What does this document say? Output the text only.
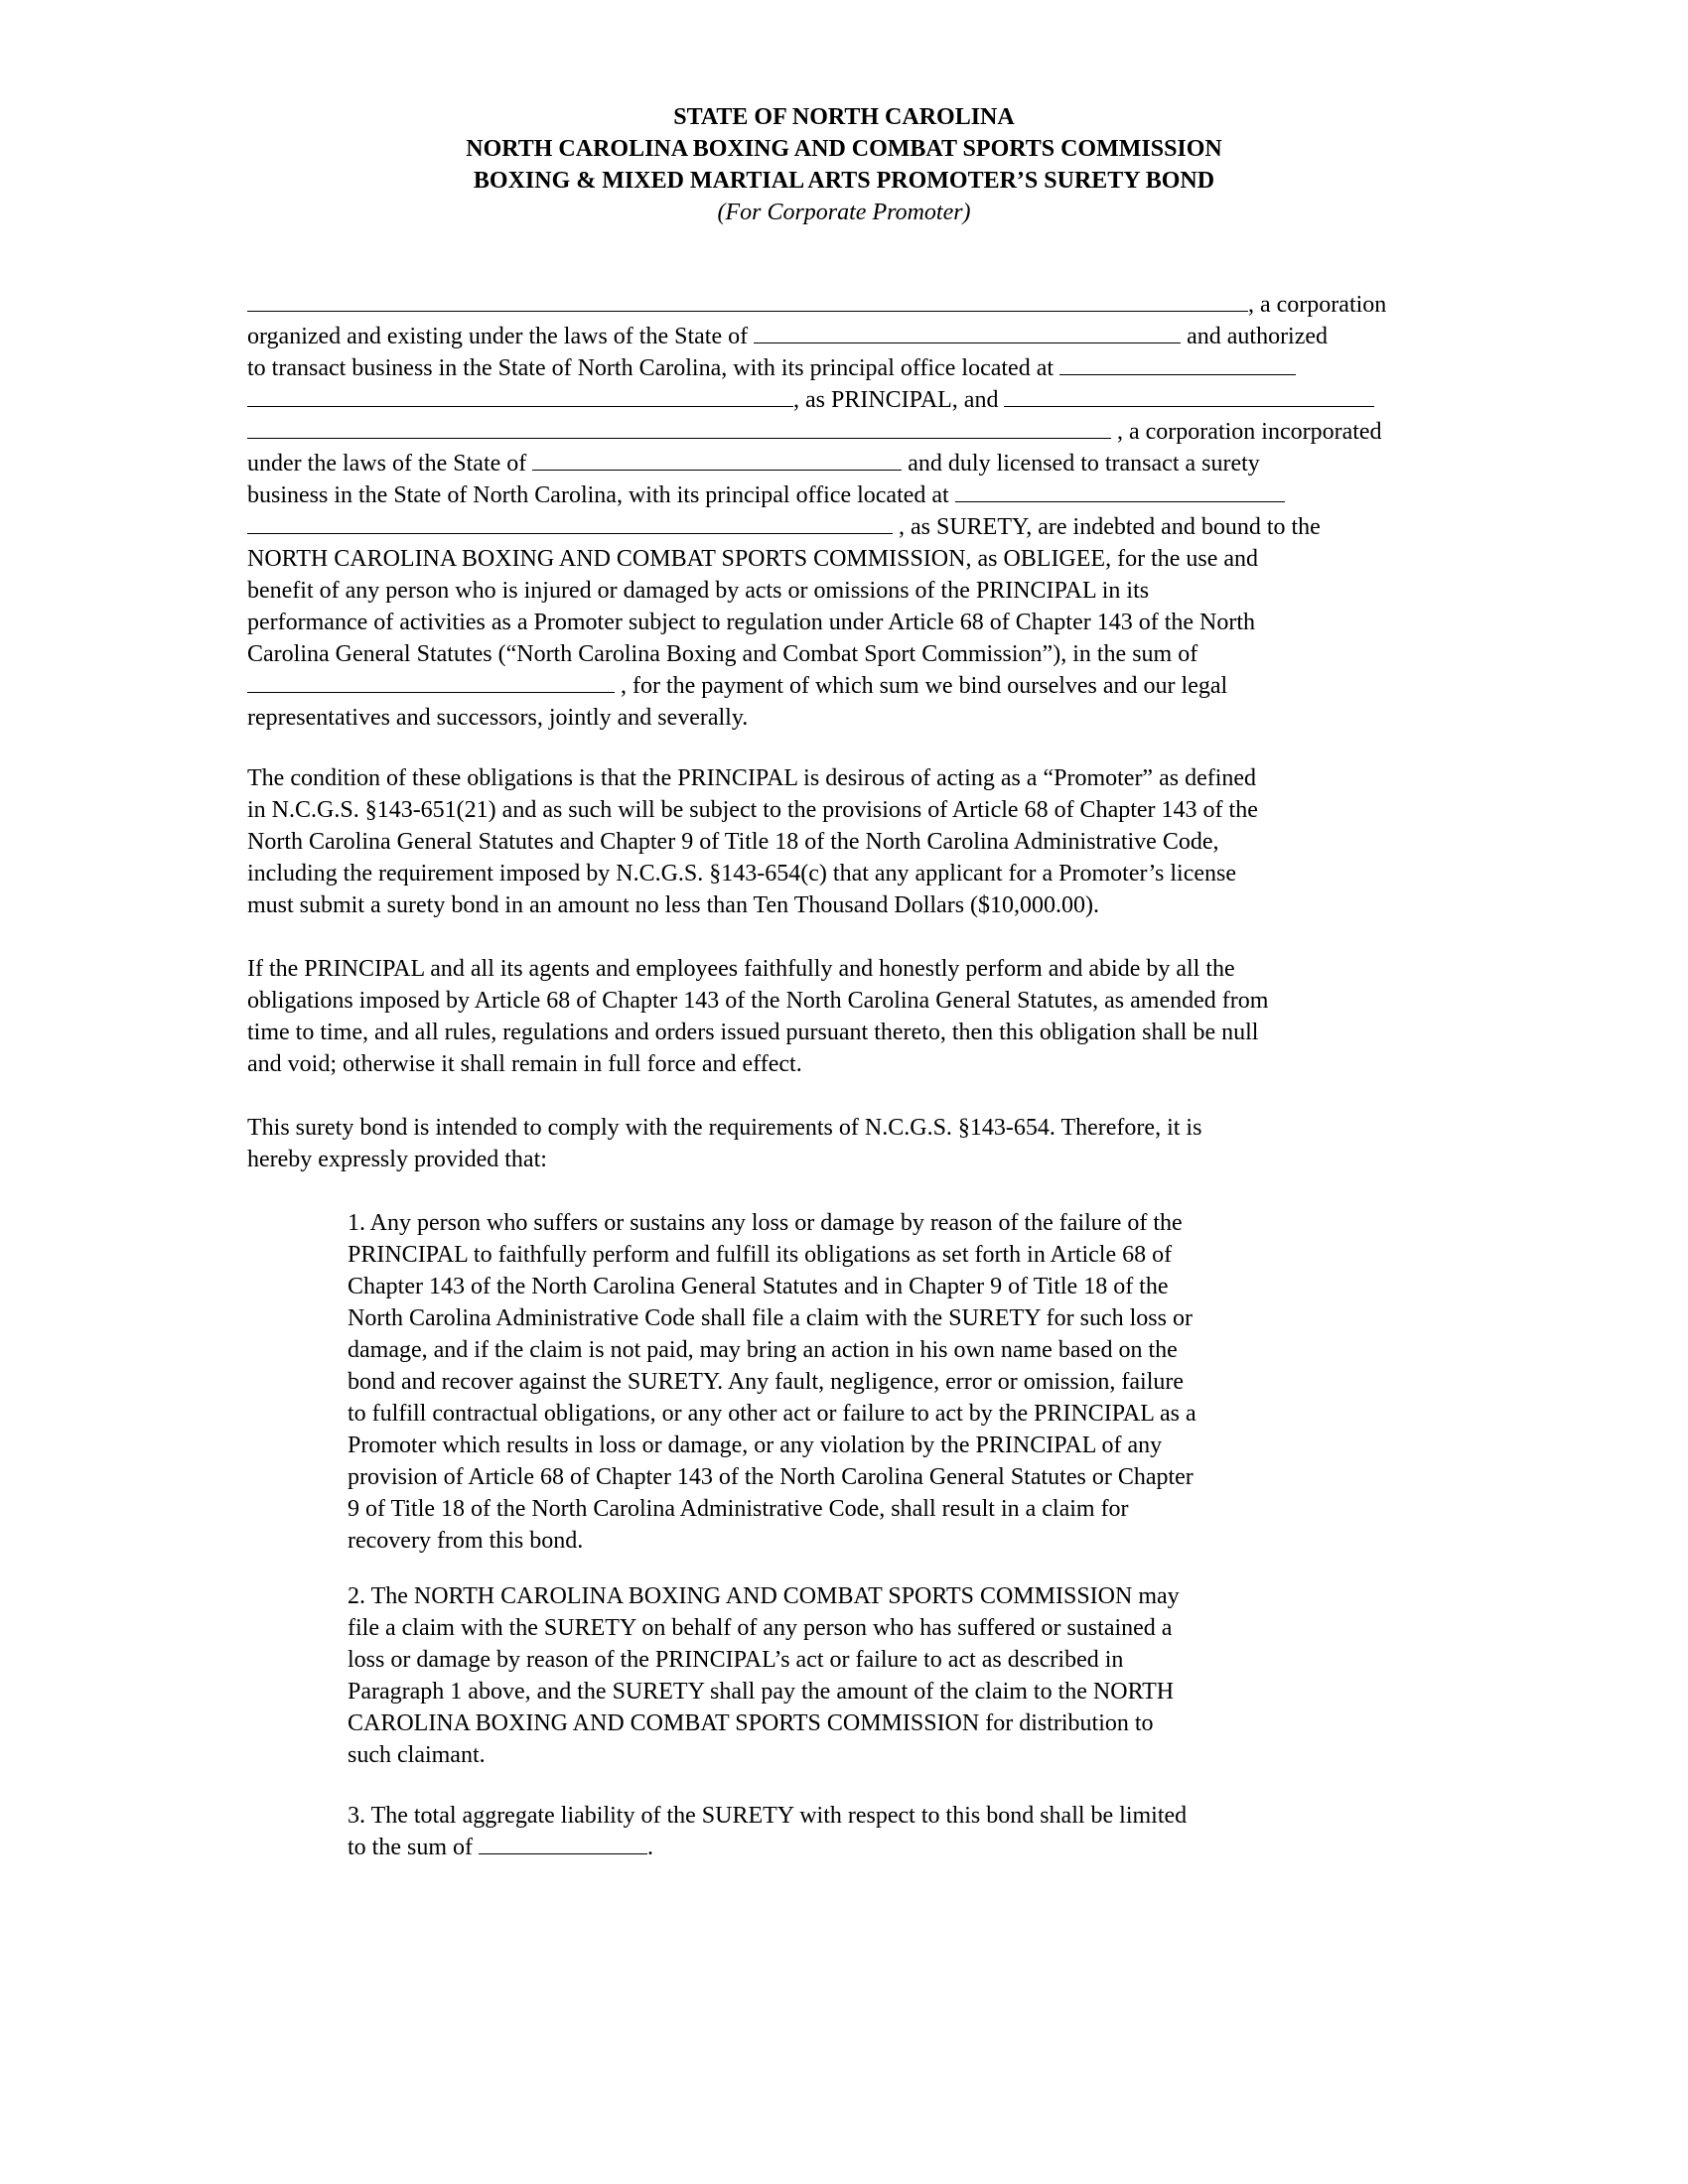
STATE OF NORTH CAROLINA
NORTH CAROLINA BOXING AND COMBAT SPORTS COMMISSION
BOXING & MIXED MARTIAL ARTS PROMOTER’S SURETY BOND
(For Corporate Promoter)
, a corporation
organized and existing under the laws of the State of	and authorized
to transact business in the State of North Carolina, with its principal office located at
, as PRINCIPAL, and
, a corporation incorporated
under the laws of the State of	and duly licensed to transact a surety
business in the State of North Carolina, with its principal office located at
, as SURETY, are indebted and bound to the
NORTH CAROLINA BOXING AND COMBAT SPORTS COMMISSION, as OBLIGEE, for the use and
benefit of any person who is injured or damaged by acts or omissions of the PRINCIPAL in its
performance of activities as a Promoter subject to regulation under Article 68 of Chapter 143 of the North
Carolina General Statutes (“North Carolina Boxing and Combat Sport Commission”), in the sum of
, for the payment of which sum we bind ourselves and our legal
representatives and successors, jointly and severally.

The condition of these obligations is that the PRINCIPAL is desirous of acting as a “Promoter” as defined

in N.C.G.S. §143-651(21) and as such will be subject to the provisions of Article 68 of Chapter 143 of the

North Carolina General Statutes and Chapter 9 of Title 18 of the North Carolina Administrative Code,

including the requirement imposed by N.C.G.S. §143-654(c) that any applicant for a Promoter’s license

must submit a surety bond in an amount no less than Ten Thousand Dollars ($10,000.00).

If the PRINCIPAL and all its agents and employees faithfully and honestly perform and abide by all the

obligations imposed by Article 68 of Chapter 143 of the North Carolina General Statutes, as amended from

time to time, and all rules, regulations and orders issued pursuant thereto, then this obligation shall be null

and void; otherwise it shall remain in full force and effect.

This surety bond is intended to comply with the requirements of N.C.G.S. §143-654. Therefore, it is

hereby expressly provided that:

1. Any person who suffers or sustains any loss or damage by reason of the failure of the

PRINCIPAL to faithfully perform and fulfill its obligations as set forth in Article 68 of

Chapter 143 of the North Carolina General Statutes and in Chapter 9 of Title 18 of the

North Carolina Administrative Code shall file a claim with the SURETY for such loss or

damage, and if the claim is not paid, may bring an action in his own name based on the

bond and recover against the SURETY. Any fault, negligence, error or omission, failure

to fulfill contractual obligations, or any other act or failure to act by the PRINCIPAL as a

Promoter which results in loss or damage, or any violation by the PRINCIPAL of any

provision of Article 68 of Chapter 143 of the North Carolina General Statutes or Chapter

9 of Title 18 of the North Carolina Administrative Code, shall result in a claim for

recovery from this bond.

2. The NORTH CAROLINA BOXING AND COMBAT SPORTS COMMISSION may

file a claim with the SURETY on behalf of any person who has suffered or sustained a

loss or damage by reason of the PRINCIPAL’s act or failure to act as described in

Paragraph 1 above, and the SURETY shall pay the amount of the claim to the NORTH

CAROLINA BOXING AND COMBAT SPORTS COMMISSION for distribution to

such claimant.

3. The total aggregate liability of the SURETY with respect to this bond shall be limited

to the sum of	.
